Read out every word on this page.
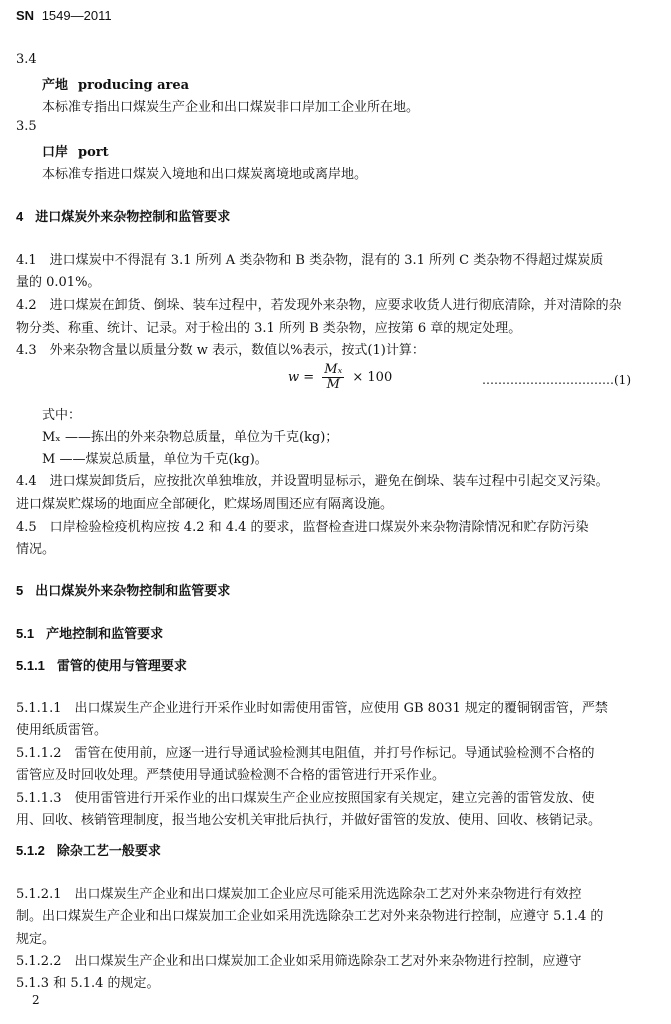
SN 1549—2011
3.4
产地 producing area
本标准专指出口煤炭生产企业和出口煤炭非口岸加工企业所在地。
3.5
口岸 port
本标准专指进口煤炭入境地和出口煤炭离境地或离岸地。
4 进口煤炭外来杂物控制和监管要求
4.1　进口煤炭中不得混有 3.1 所列 A 类杂物和 B 类杂物，混有的 3.1 所列 C 类杂物不得超过煤炭质
量的 0.01%。
4.2　进口煤炭在卸货、倒垛、装车过程中，若发现外来杂物，应要求收货人进行彻底清除，并对清除的杂
物分类、称重、统计、记录。对于检出的 3.1 所列 B 类杂物，应按第 6 章的规定处理。
4.3　外来杂物含量以质量分数 w 表示，数值以%表示，按式(1)计算：
$w = \frac{\text{Mₓ}}{M} \times 100$	……………………………(1)
式中：
Mₓ ——拣出的外来杂物总质量，单位为千克(kg)；
M ——煤炭总质量，单位为千克(kg)。
4.4　进口煤炭卸货后，应按批次单独堆放，并设置明显标示，避免在倒垛、装车过程中引起交叉污染。
进口煤炭贮煤场的地面应全部硬化，贮煤场周围还应有隔离设施。
4.5　口岸检验检疫机构应按 4.2 和 4.4 的要求，监督检查进口煤炭外来杂物清除情况和贮存防污染
情况。
5 出口煤炭外来杂物控制和监管要求
5.1 产地控制和监管要求
5.1.1 雷管的使用与管理要求
5.1.1.1　出口煤炭生产企业进行开采作业时如需使用雷管，应使用 GB 8031 规定的覆铜钢雷管，严禁
使用纸质雷管。
5.1.1.2　雷管在使用前，应逐一进行导通试验检测其电阻值，并打号作标记。导通试验检测不合格的
雷管应及时回收处理。严禁使用导通试验检测不合格的雷管进行开采作业。
5.1.1.3　使用雷管进行开采作业的出口煤炭生产企业应按照国家有关规定，建立完善的雷管发放、使
用、回收、核销管理制度，报当地公安机关审批后执行，并做好雷管的发放、使用、回收、核销记录。
5.1.2 除杂工艺一般要求
5.1.2.1　出口煤炭生产企业和出口煤炭加工企业应尽可能采用洗选除杂工艺对外来杂物进行有效控
制。出口煤炭生产企业和出口煤炭加工企业如采用洗选除杂工艺对外来杂物进行控制，应遵守 5.1.4 的
规定。
5.1.2.2　出口煤炭生产企业和出口煤炭加工企业如采用筛选除杂工艺对外来杂物进行控制，应遵守
5.1.3 和 5.1.4 的规定。
2
